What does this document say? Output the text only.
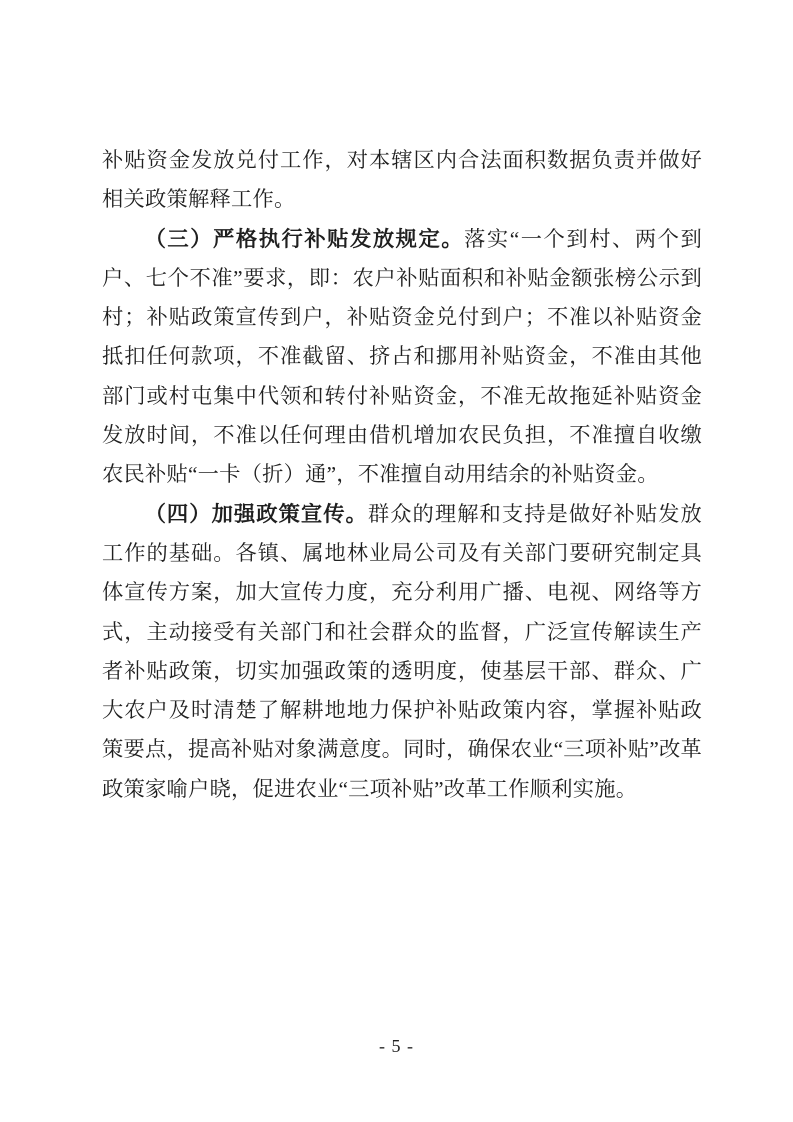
补贴资金发放兑付工作，对本辖区内合法面积数据负责并做好相关政策解释工作。

（三）严格执行补贴发放规定。落实“一个到村、两个到户、七个不准”要求，即：农户补贴面积和补贴金额张榜公示到村；补贴政策宣传到户，补贴资金兑付到户；不准以补贴资金抵扣任何款项，不准截留、挤占和挪用补贴资金，不准由其他部门或村屯集中代领和转付补贴资金，不准无故拖延补贴资金发放时间，不准以任何理由借机增加农民负担，不准擅自收缴农民补贴“一卡（折）通”，不准擅自动用结余的补贴资金。

（四）加强政策宣传。群众的理解和支持是做好补贴发放工作的基础。各镇、属地林业局公司及有关部门要研究制定具体宣传方案，加大宣传力度，充分利用广播、电视、网络等方式，主动接受有关部门和社会群众的监督，广泛宣传解读生产者补贴政策，切实加强政策的透明度，使基层干部、群众、广大农户及时清楚了解耕地地力保护补贴政策内容，掌握补贴政策要点，提高补贴对象满意度。同时，确保农业“三项补贴”改革政策家喻户晓，促进农业“三项补贴”改革工作顺利实施。

- 5 -
